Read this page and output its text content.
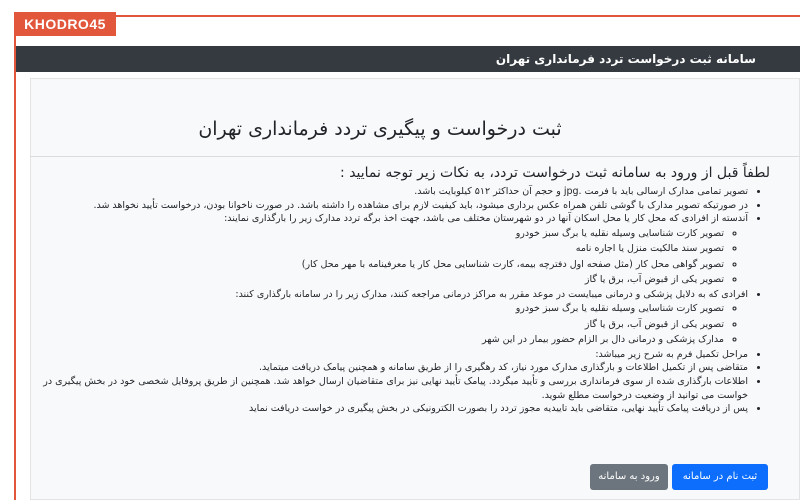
KHODRO45
سامانه ثبت درخواست تردد فرمانداری تهران
ثبت درخواست و پیگیری تردد فرمانداری تهران

لطفاً قبل از ورود به سامانه ثبت درخواست تردد، به نکات زیر توجه نمایید :

• تصویر تمامی مدارک ارسالی باید با فرمت .jpg و حجم آن حداکثر ۵۱۲ کیلوبایت باشد.
• در صورتیکه تصویر مدارک با گوشی تلفن همراه عکس برداری میشود، باید کیفیت لازم برای مشاهده را داشته باشد. در صورت ناخوانا بودن، درخواست تأیید نخواهد شد.
• آندسته از افرادی که محل کار یا محل اسکان آنها در دو شهرستان مختلف می باشد، جهت اخذ برگه تردد مدارک زیر را بارگذاری نمایند:
◦ تصویر کارت شناسایی وسیله نقلیه یا برگ سبز خودرو
◦ تصویر سند مالکیت منزل یا اجاره نامه
◦ تصویر گواهی محل کار (مثل صفحه اول دفترچه بیمه، کارت شناسایی محل کار یا معرفینامه با مهر محل کار)
◦ تصویر یکی از قبوض آب، برق یا گاز
• افرادی که به دلایل پزشکی و درمانی میبایست در موعد مقرر به مراکز درمانی مراجعه کنند، مدارک زیر را در سامانه بارگذاری کنند:
◦ تصویر کارت شناسایی وسیله نقلیه یا برگ سبز خودرو
◦ تصویر یکی از قبوض آب، برق یا گاز
◦ مدارک پزشکی و درمانی دال بر الزام حضور بیمار در این شهر
• مراحل تکمیل فرم به شرح زیر میباشد:
• متقاضی پس از تکمیل اطلاعات و بارگذاری مدارک مورد نیاز، کد رهگیری را از طریق سامانه و همچنین پیامک دریافت میتماید.
• اطلاعات بارگذاری شده از سوی فرمانداری بررسی و تأیید میگردد. پیامک تأیید نهایی نیز برای متقاضیان ارسال خواهد شد. همچنین از طریق پروفایل شخصی خود در بخش پیگیری در خواست می توانید از وضعیت درخواست مطلع شوید.
• پس از دریافت پیامک تأیید نهایی، متقاضی باید تاییدیه مجوز تردد را بصورت الکترونیکی در بخش پیگیری در خواست دریافت نماید
ورود به سامانه	ثبت نام در سامانه
